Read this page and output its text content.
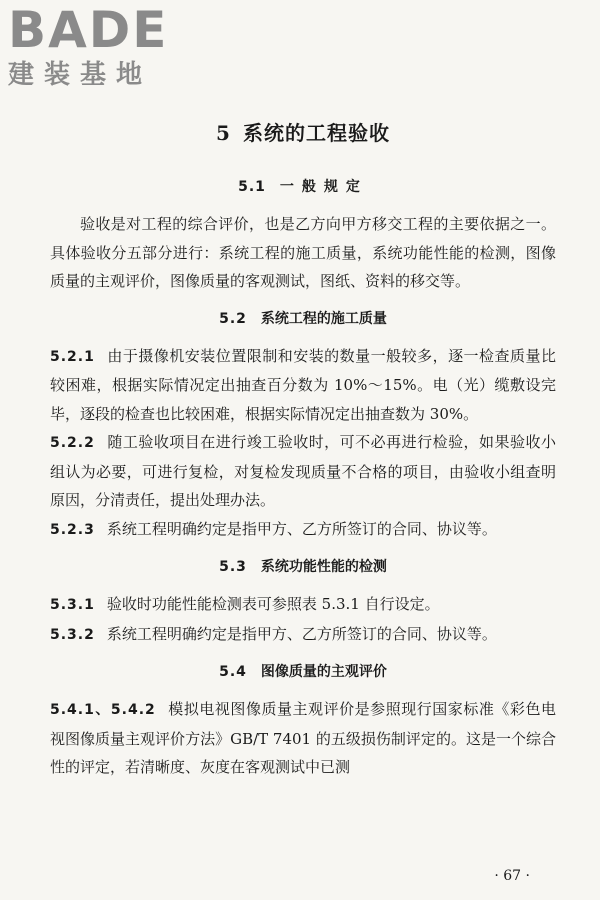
BADE
建装基地
5 系统的工程验收
5.1 一般规定

验收是对工程的综合评价，也是乙方向甲方移交工程的主要依据之一。具体验收分五部分进行：系统工程的施工质量，系统功能性能的检测，图像质量的主观评价，图像质量的客观测试，图纸、资料的移交等。

5.2 系统工程的施工质量

5.2.1 由于摄像机安装位置限制和安装的数量一般较多，逐一检查质量比较困难，根据实际情况定出抽查百分数为 10%～15%。电（光）缆敷设完毕，逐段的检查也比较困难，根据实际情况定出抽查数为 30%。

5.2.2 随工验收项目在进行竣工验收时，可不必再进行检验，如果验收小组认为必要，可进行复检，对复检发现质量不合格的项目，由验收小组查明原因，分清责任，提出处理办法。

5.2.3 系统工程明确约定是指甲方、乙方所签订的合同、协议等。

5.3 系统功能性能的检测

5.3.1 验收时功能性能检测表可参照表 5.3.1 自行设定。

5.3.2 系统工程明确约定是指甲方、乙方所签订的合同、协议等。

5.4 图像质量的主观评价

5.4.1、5.4.2 模拟电视图像质量主观评价是参照现行国家标准《彩色电视图像质量主观评价方法》GB/T 7401 的五级损伤制评定的。这是一个综合性的评定，若清晰度、灰度在客观测试中已测

· 67 ·
